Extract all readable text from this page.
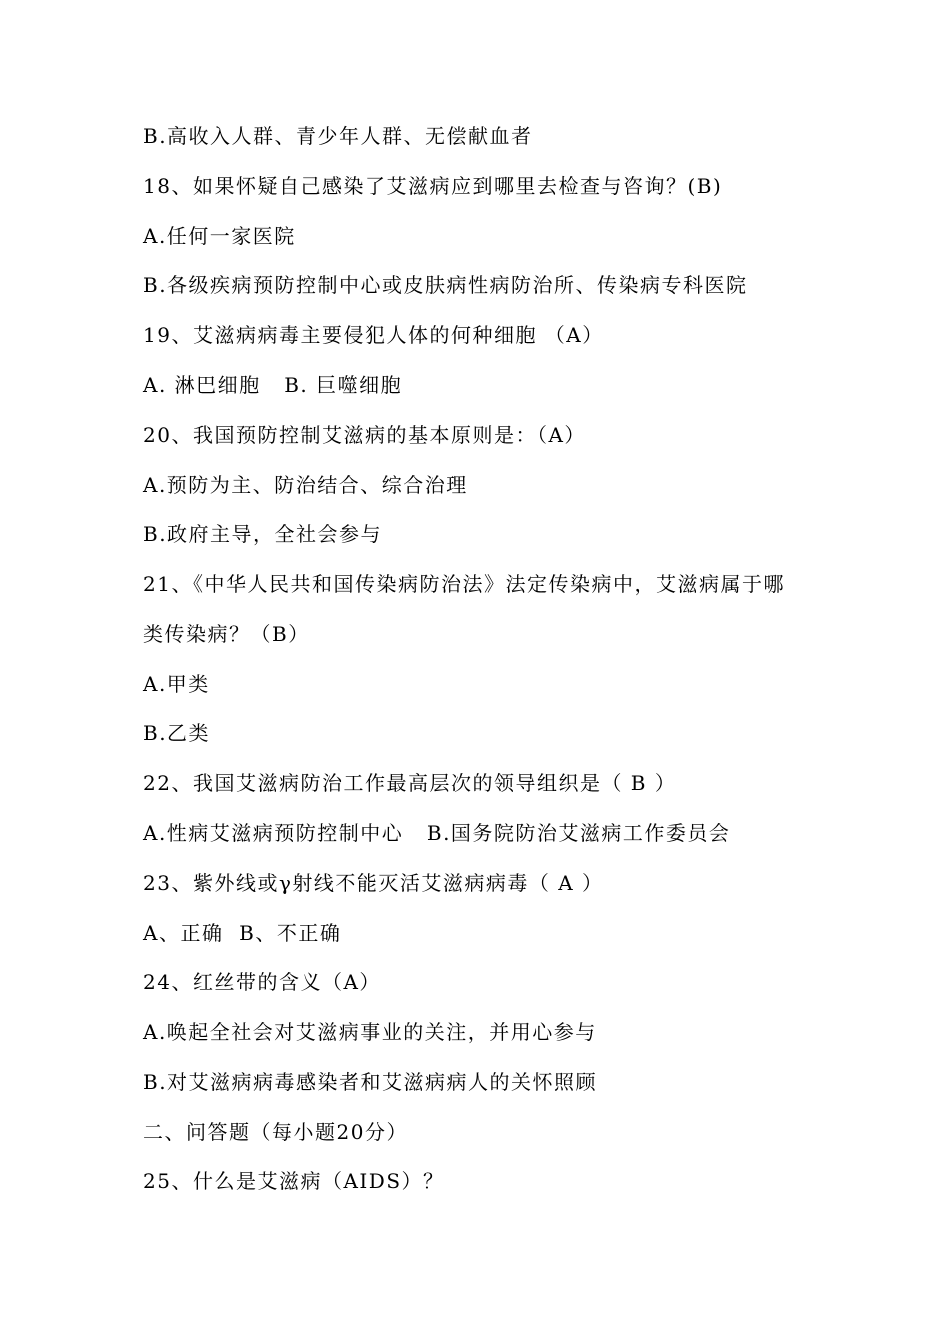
B.高收入人群、青少年人群、无偿献血者

18、如果怀疑自己感染了艾滋病应到哪里去检查与咨询？(B)

A.任何一家医院

B.各级疾病预防控制中心或皮肤病性病防治所、传染病专科医院

19、艾滋病病毒主要侵犯人体的何种细胞 （A）

A. 淋巴细胞   B. 巨噬细胞

20、我国预防控制艾滋病的基本原则是：（A）

A.预防为主、防治结合、综合治理

B.政府主导，全社会参与

21、《中华人民共和国传染病防治法》法定传染病中，艾滋病属于哪

类传染病？（B）

A.甲类

B.乙类

22、我国艾滋病防治工作最高层次的领导组织是（ B ）

A.性病艾滋病预防控制中心   B.国务院防治艾滋病工作委员会

23、紫外线或γ射线不能灭活艾滋病病毒（ A ）

A、正确  B、不正确

24、红丝带的含义（A）

A.唤起全社会对艾滋病事业的关注，并用心参与

B.对艾滋病病毒感染者和艾滋病病人的关怀照顾

二、问答题（每小题20分）

25、什么是艾滋病（AIDS）？
